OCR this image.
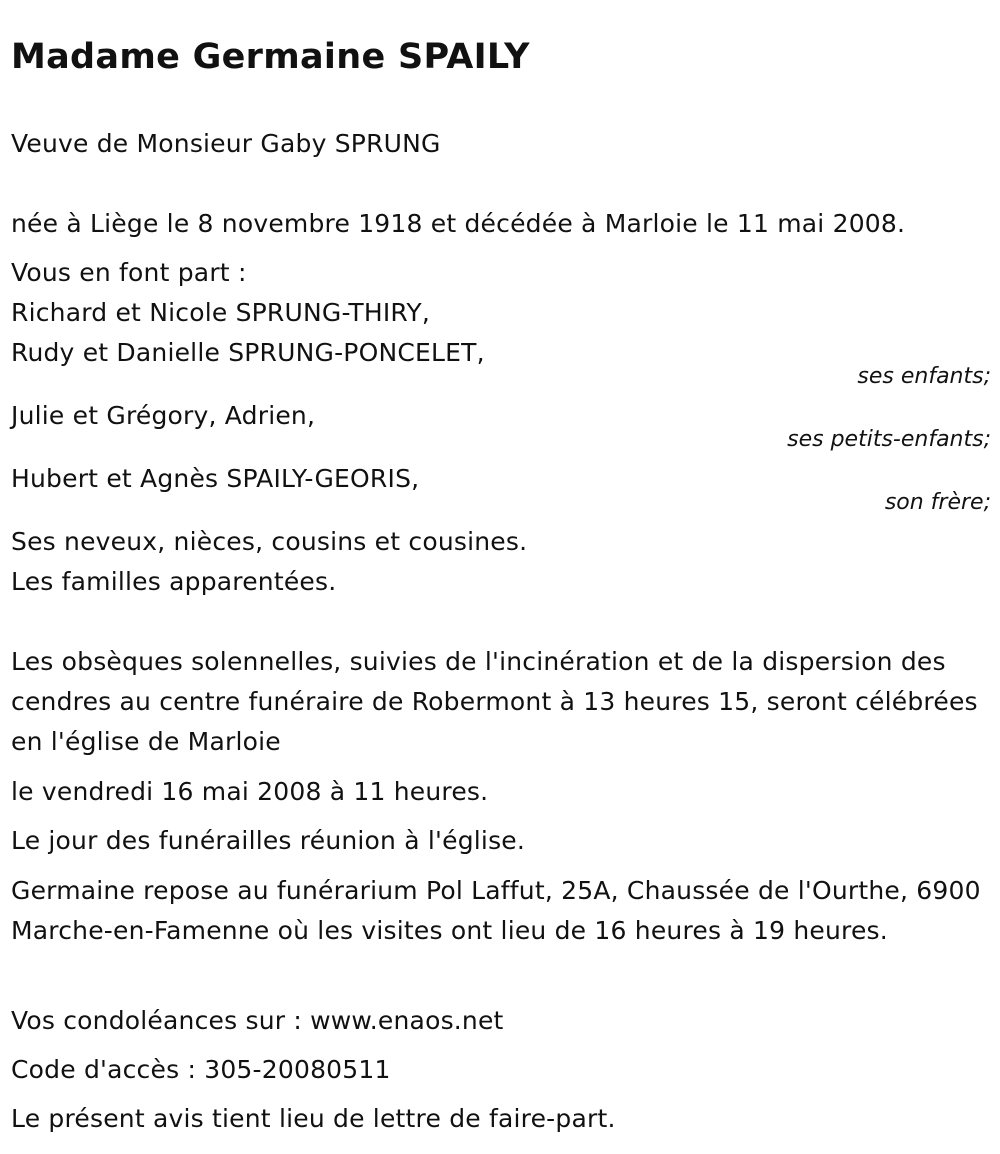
Madame Germaine SPAILY
Veuve de Monsieur Gaby SPRUNG
née à Liège le 8 novembre 1918 et décédée à Marloie le 11 mai 2008.
Vous en font part :
Richard et Nicole SPRUNG-THIRY,
Rudy et Danielle SPRUNG-PONCELET,
ses enfants;
Julie et Grégory, Adrien,
ses petits-enfants;
Hubert et Agnès SPAILY-GEORIS,
son frère;
Ses neveux, nièces, cousins et cousines.
Les familles apparentées.
Les obsèques solennelles, suivies de l'incinération et de la dispersion des cendres au centre funéraire de Robermont à 13 heures 15, seront célébrées en l'église de Marloie
le vendredi 16 mai 2008 à 11 heures.
Le jour des funérailles réunion à l'église.
Germaine repose au funérarium Pol Laffut, 25A, Chaussée de l'Ourthe, 6900 Marche-en-Famenne où les visites ont lieu de 16 heures à 19 heures.
Vos condoléances sur : www.enaos.net
Code d'accès : 305-20080511
Le présent avis tient lieu de lettre de faire-part.
